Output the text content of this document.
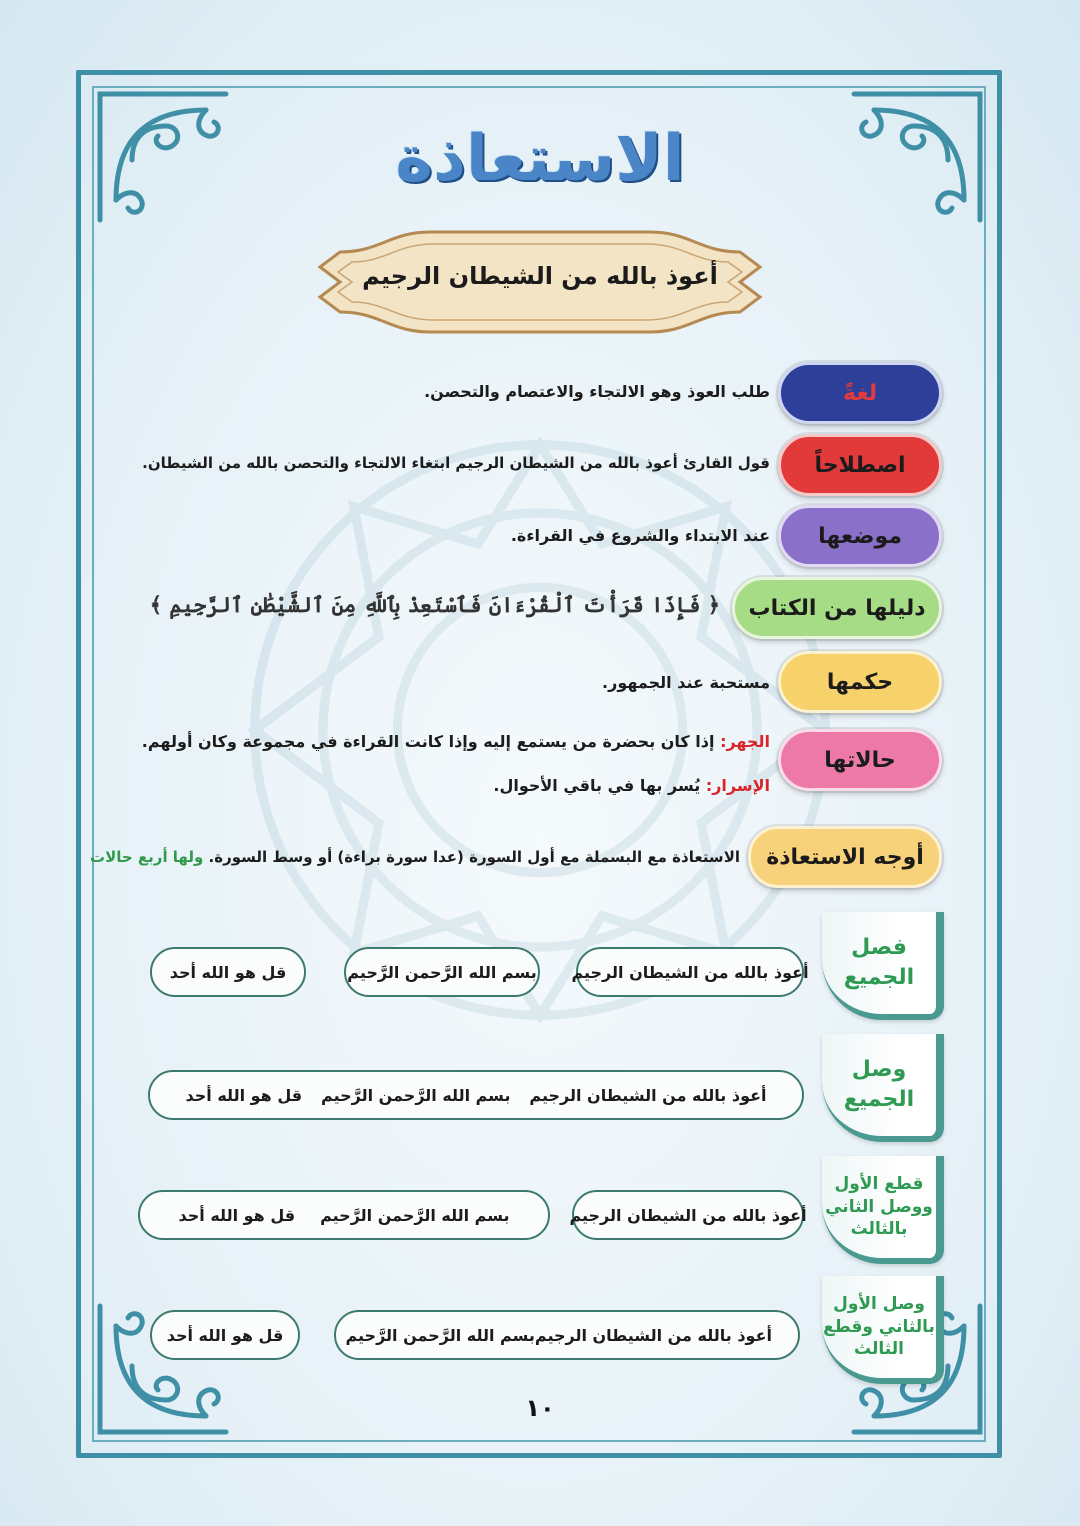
الاستعاذة
أعوذ بالله من الشيطان الرجيم
لغةً
طلب العوذ وهو الالتجاء والاعتصام والتحصن.
اصطلاحاً
قول القارئ أعوذ بالله من الشيطان الرجيم ابتغاء الالتجاء والتحصن بالله من الشيطان.
موضعها
عند الابتداء والشروع في القراءة.
دليلها من الكتاب
﴿ فَإِذَا قَرَأْتَ ٱلْقُرْءَانَ فَٱسْتَعِذْ بِٱللَّهِ مِنَ ٱلشَّيْطَٰنِ ٱلرَّجِيمِ ﴾
حكمها
مستحبة عند الجمهور.
حالاتها
الجهر: إذا كان بحضرة من يستمع إليه وإذا كانت القراءة في مجموعة وكان أولهم.
الإسرار: يُسر بها في باقي الأحوال.
أوجه الاستعاذة
الاستعاذة مع البسملة مع أول السورة (عدا سورة براءة) أو وسط السورة. ولها أربع حالات
فصل
الجميع
أعوذ بالله من الشيطان الرجيم
بسم الله الرَّحمن الرَّحيم
قل هو الله أحد
وصل
الجميع
أعوذ بالله من الشيطان الرجيم
بسم الله الرَّحمن الرَّحيم
قل هو الله أحد
قطع الأول
ووصل الثاني
بالثالث
أعوذ بالله من الشيطان الرجيم
بسم الله الرَّحمن الرَّحيم
قل هو الله أحد
وصل الأول
بالثاني وقطع
الثالث
أعوذ بالله من الشيطان الرجيم
بسم الله الرَّحمن الرَّحيم
قل هو الله أحد
١٠
